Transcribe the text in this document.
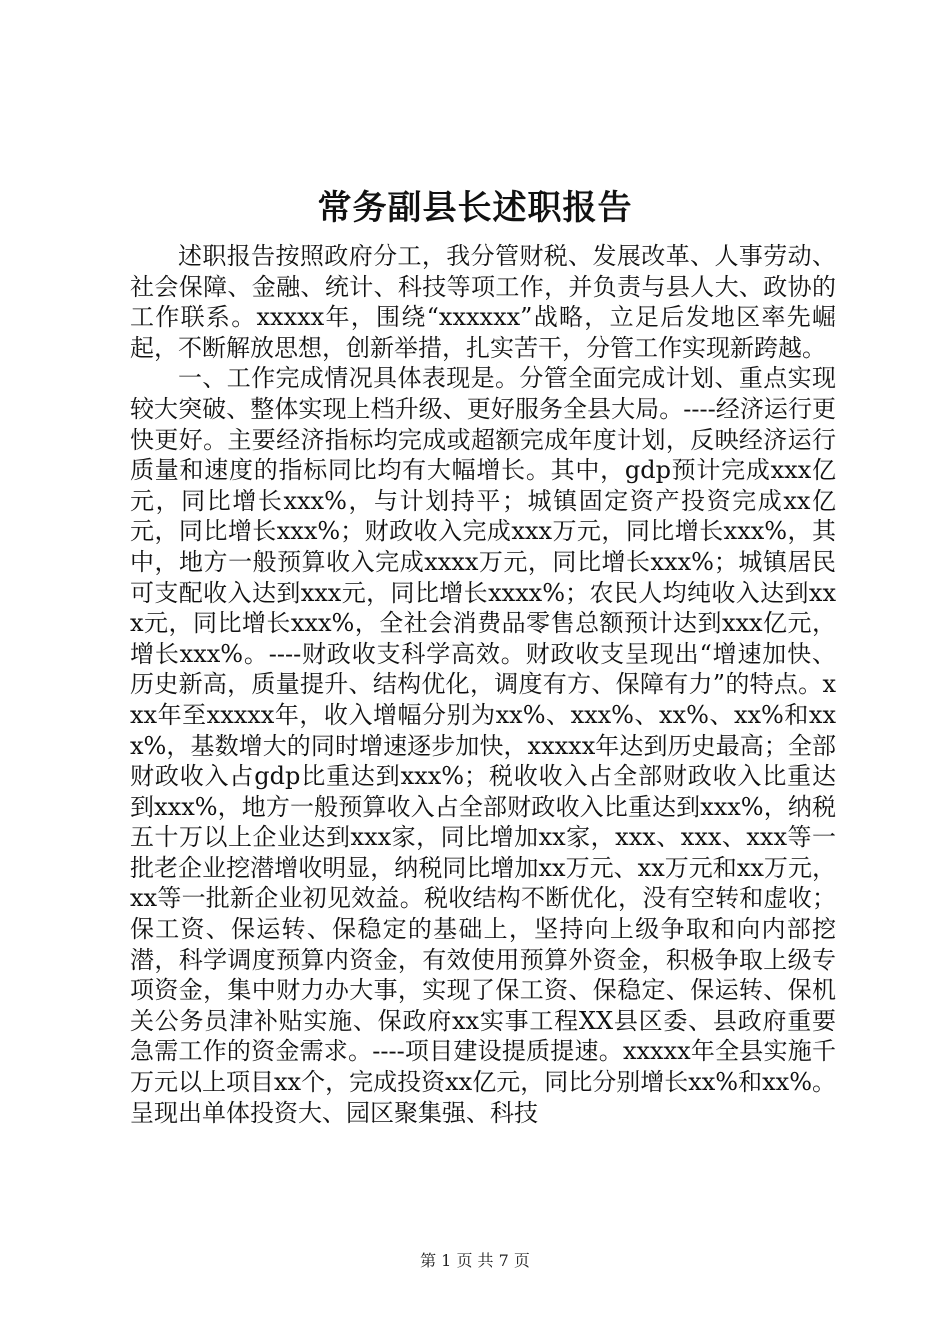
常务副县长述职报告

述职报告按照政府分工，我分管财税、发展改革、人事劳动、社会保障、金融、统计、科技等项工作，并负责与县人大、政协的工作联系。xxxxx年，围绕“xxxxxx”战略，立足后发地区率先崛起，不断解放思想，创新举措，扎实苦干，分管工作实现新跨越。

一、工作完成情况具体表现是。分管全面完成计划、重点实现较大突破、整体实现上档升级、更好服务全县大局。----经济运行更快更好。主要经济指标均完成或超额完成年度计划，反映经济运行质量和速度的指标同比均有大幅增长。其中，gdp预计完成xxx亿元，同比增长xxx%，与计划持平；城镇固定资产投资完成xx亿元，同比增长xxx%；财政收入完成xxx万元，同比增长xxx%，其中，地方一般预算收入完成xxxx万元，同比增长xxx%；城镇居民可支配收入达到xxx元，同比增长xxxx%；农民人均纯收入达到xxx元，同比增长xxx%，全社会消费品零售总额预计达到xxx亿元，增长xxx%。----财政收支科学高效。财政收支呈现出“增速加快、历史新高，质量提升、结构优化，调度有方、保障有力”的特点。xxx年至xxxxx年，收入增幅分别为xx%、xxx%、xx%、xx%和xxx%，基数增大的同时增速逐步加快，xxxxx年达到历史最高；全部财政收入占gdp比重达到xxx%；税收收入占全部财政收入比重达到xxx%，地方一般预算收入占全部财政收入比重达到xxx%，纳税五十万以上企业达到xxx家，同比增加xx家，xxx、xxx、xxx等一批老企业挖潜增收明显，纳税同比增加xx万元、xx万元和xx万元，xx等一批新企业初见效益。税收结构不断优化，没有空转和虚收；保工资、保运转、保稳定的基础上，坚持向上级争取和向内部挖潜，科学调度预算内资金，有效使用预算外资金，积极争取上级专项资金，集中财力办大事，实现了保工资、保稳定、保运转、保机关公务员津补贴实施、保政府xx实事工程XX县区委、县政府重要急需工作的资金需求。----项目建设提质提速。xxxxx年全县实施千万元以上项目xx个，完成投资xx亿元，同比分别增长xx%和xx%。呈现出单体投资大、园区聚集强、科技

第 1 页 共 7 页
